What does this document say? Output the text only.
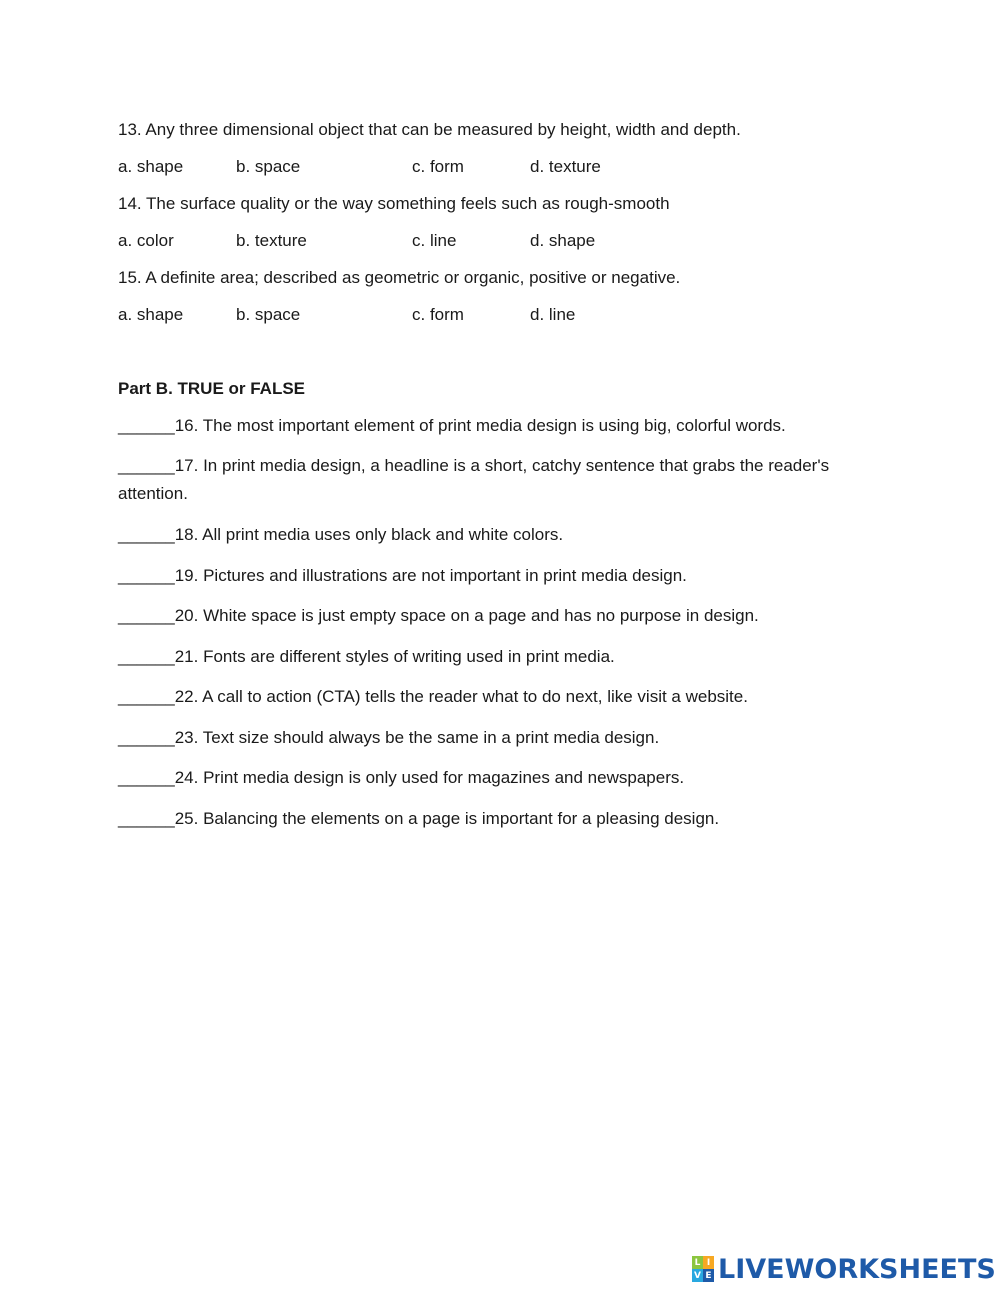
13. Any three dimensional object that can be measured by height, width and depth.
a. shape	b. space	c. form	d. texture
14. The surface quality or the way something feels such as rough-smooth
a. color	b. texture	c. line	d. shape
15. A definite area; described as geometric or organic, positive or negative.
a. shape	b. space	c. form	d. line
Part B. TRUE or FALSE
______16. The most important element of print media design is using big, colorful words.
______17. In print media design, a headline is a short, catchy sentence that grabs the reader's attention.
______18. All print media uses only black and white colors.
______19. Pictures and illustrations are not important in print media design.
______20. White space is just empty space on a page and has no purpose in design.
______21. Fonts are different styles of writing used in print media.
______22. A call to action (CTA) tells the reader what to do next, like visit a website.
______23. Text size should always be the same in a print media design.
______24. Print media design is only used for magazines and newspapers.
______25. Balancing the elements on a page is important for a pleasing design.
L I
V E LIVEWORKSHEETS
